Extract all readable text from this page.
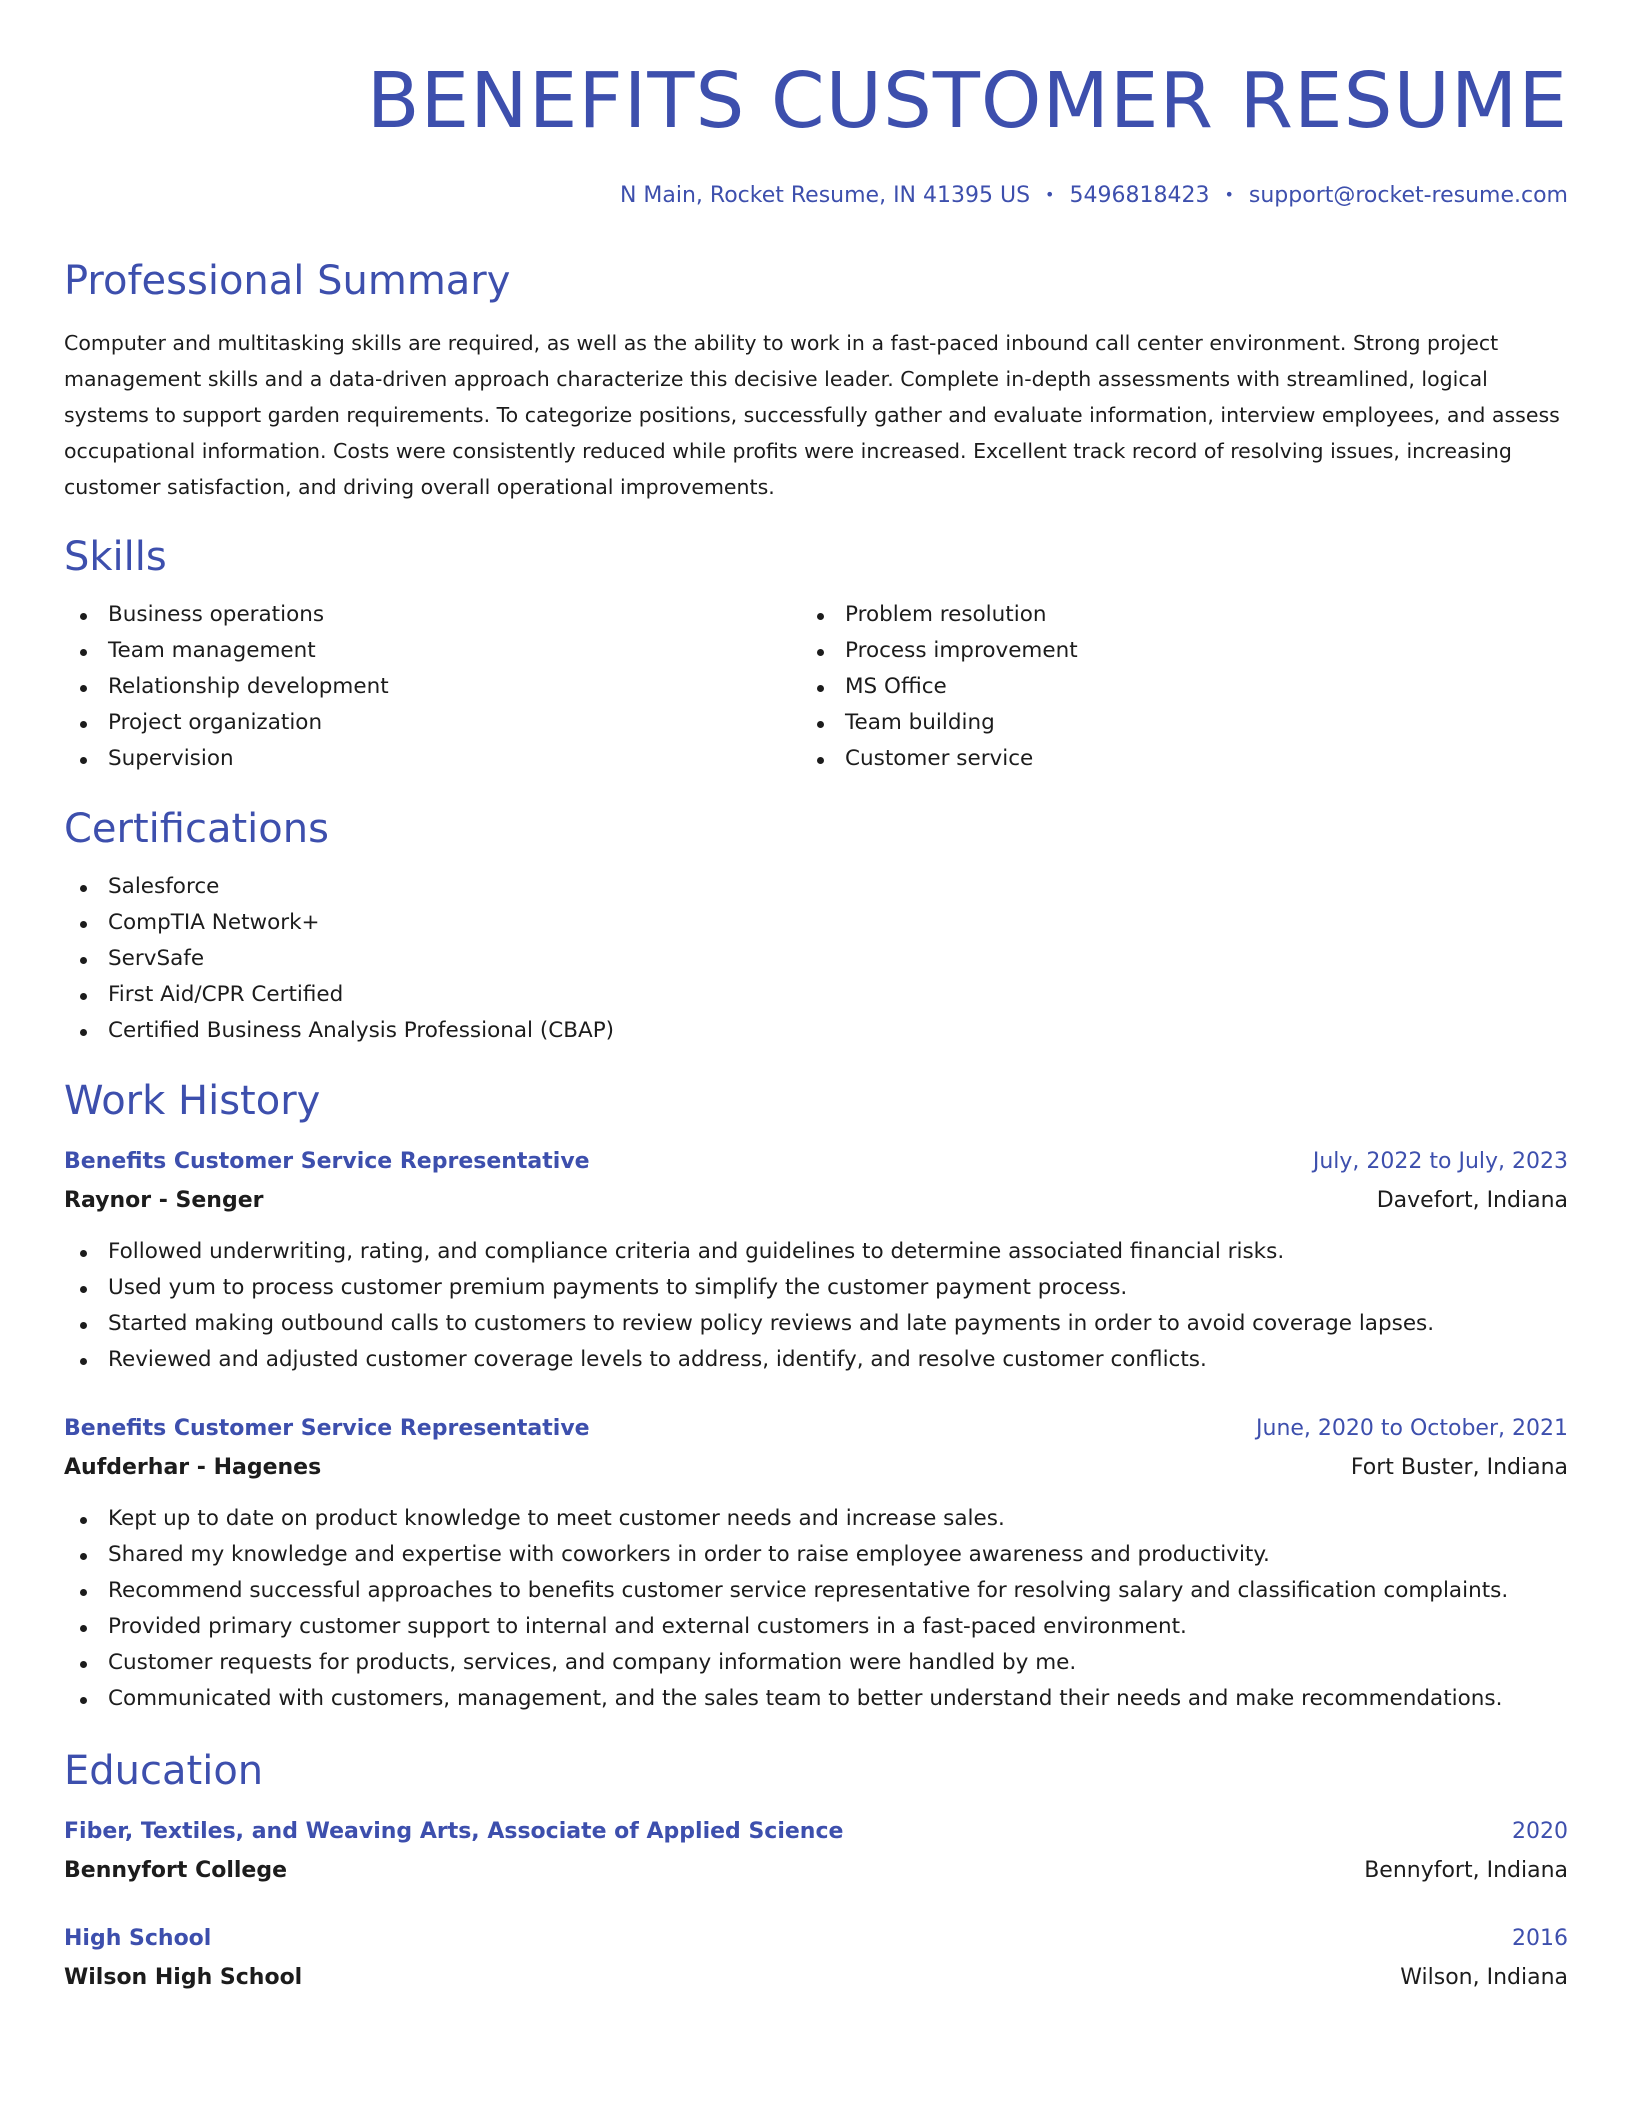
BENEFITS CUSTOMER RESUME
N Main, Rocket Resume, IN 41395 US • 5496818423 • support@rocket-resume.com
Professional Summary
Computer and multitasking skills are required, as well as the ability to work in a fast-paced inbound call center environment. Strong project management skills and a data-driven approach characterize this decisive leader. Complete in-depth assessments with streamlined, logical systems to support garden requirements. To categorize positions, successfully gather and evaluate information, interview employees, and assess occupational information. Costs were consistently reduced while profits were increased. Excellent track record of resolving issues, increasing customer satisfaction, and driving overall operational improvements.
Skills
Business operations
Team management
Relationship development
Project organization
Supervision
Problem resolution
Process improvement
MS Office
Team building
Customer service
Certifications
Salesforce
CompTIA Network+
ServSafe
First Aid/CPR Certified
Certified Business Analysis Professional (CBAP)
Work History
Benefits Customer Service Representative	July, 2022 to July, 2023
Raynor - Senger	Davefort, Indiana
Followed underwriting, rating, and compliance criteria and guidelines to determine associated financial risks.
Used yum to process customer premium payments to simplify the customer payment process.
Started making outbound calls to customers to review policy reviews and late payments in order to avoid coverage lapses.
Reviewed and adjusted customer coverage levels to address, identify, and resolve customer conflicts.
Benefits Customer Service Representative	June, 2020 to October, 2021
Aufderhar - Hagenes	Fort Buster, Indiana
Kept up to date on product knowledge to meet customer needs and increase sales.
Shared my knowledge and expertise with coworkers in order to raise employee awareness and productivity.
Recommend successful approaches to benefits customer service representative for resolving salary and classification complaints.
Provided primary customer support to internal and external customers in a fast-paced environment.
Customer requests for products, services, and company information were handled by me.
Communicated with customers, management, and the sales team to better understand their needs and make recommendations.
Education
Fiber, Textiles, and Weaving Arts, Associate of Applied Science	2020
Bennyfort College	Bennyfort, Indiana
High School	2016
Wilson High School	Wilson, Indiana
